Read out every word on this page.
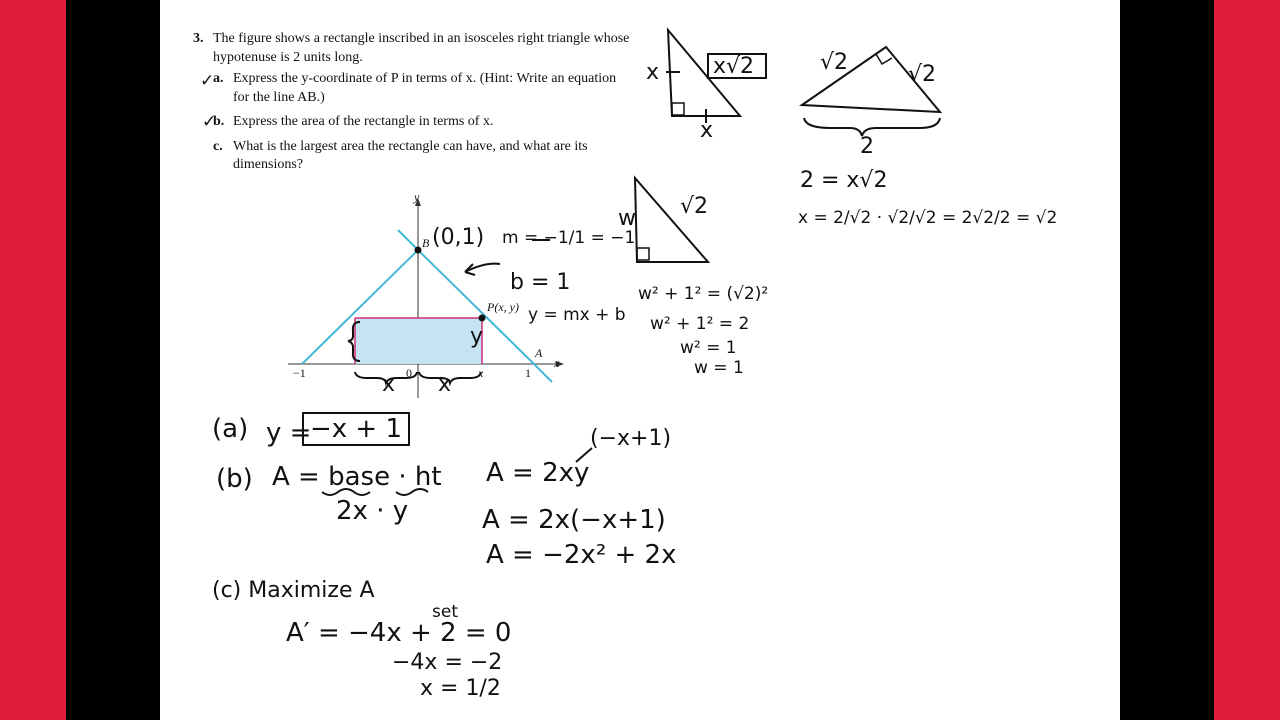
3. The figure shows a rectangle inscribed in an isosceles right triangle whose hypotenuse is 2 units long.
a. Express the y-coordinate of P in terms of x. (Hint: Write an equation for the line AB.)
b. Express the area of the rectangle in terms of x.
c. What is the largest area the rectangle can have, and what are its dimensions?
✓
✓
y
x
B
P(x, y)
A
−1	0	x	1
(0,1) m = −1/1 = −1
b = 1
y = mx + b
y
x x
x
x
x√2	√2	√2
2
2 = x√2
x = 2/√2 · √2/√2 = 2√2/2 = √2
w √2
w² + 1² = (√2)²
w² + 1² = 2
w² = 1
w = 1
(a) y =
−x + 1
(b) A = base · ht
2x · y
A = 2xy
(−x+1)
A = 2x(−x+1)
A = −2x² + 2x
(c) Maximize A
A′ = −4x + 2 = 0
set
−4x = −2
x = 1/2
